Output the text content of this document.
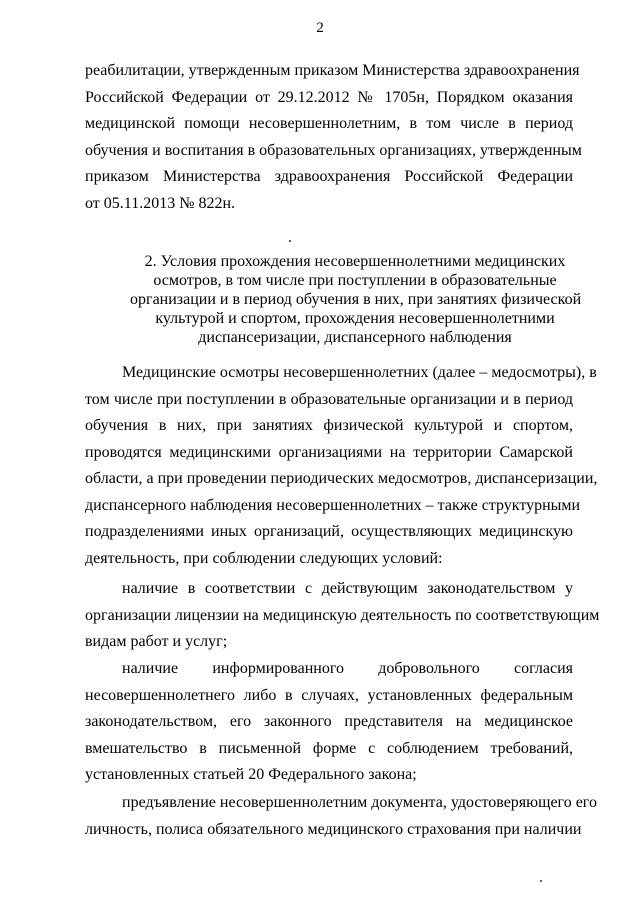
2
реабилитации, утвержденным приказом Министерства здравоохранения
Российской Федерации от 29.12.2012 № 1705н, Порядком оказания
медицинской помощи несовершеннолетним, в том числе в период
обучения и воспитания в образовательных организациях, утвержденным
приказом Министерства здравоохранения Российской Федерации
от 05.11.2013 № 822н.
2. Условия прохождения несовершеннолетними медицинских
осмотров, в том числе при поступлении в образовательные
организации и в период обучения в них, при занятиях физической
культурой и спортом, прохождения несовершеннолетними
диспансеризации, диспансерного наблюдения
Медицинские осмотры несовершеннолетних (далее – медосмотры), в
том числе при поступлении в образовательные организации и в период
обучения в них, при занятиях физической культурой и спортом,
проводятся медицинскими организациями на территории Самарской
области, а при проведении периодических медосмотров, диспансеризации,
диспансерного наблюдения несовершеннолетних – также структурными
подразделениями иных организаций, осуществляющих медицинскую
деятельность, при соблюдении следующих условий:
наличие в соответствии с действующим законодательством у
организации лицензии на медицинскую деятельность по соответствующим
видам работ и услуг;
наличие информированного добровольного согласия
несовершеннолетнего либо в случаях, установленных федеральным
законодательством, его законного представителя на медицинское
вмешательство в письменной форме с соблюдением требований,
установленных статьей 20 Федерального закона;
предъявление несовершеннолетним документа, удостоверяющего его
личность, полиса обязательного медицинского страхования при наличии
